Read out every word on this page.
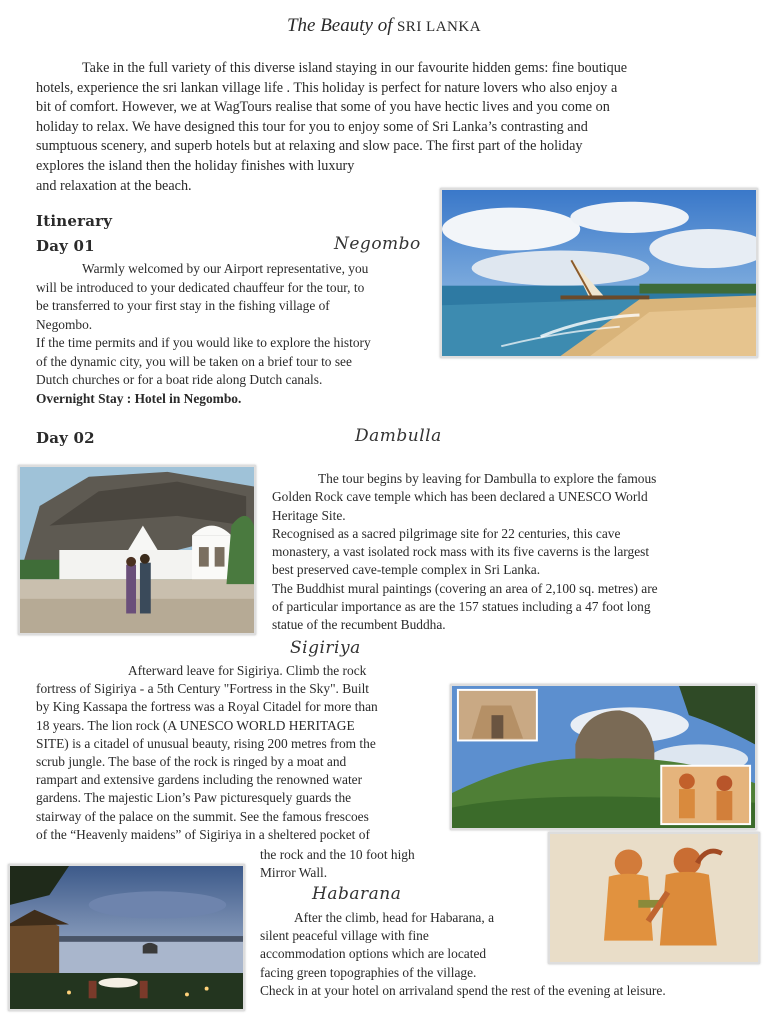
The Beauty of SRI LANKA
Take in the full variety of this diverse island staying in our favourite hidden gems: fine boutique
hotels, experience the sri lankan village life . This holiday is perfect for nature lovers who also enjoy a
bit of comfort. However, we at WagTours realise that some of you have hectic lives and you come on
holiday to relax. We have designed this tour for you to enjoy some of Sri Lanka’s contrasting and
sumptuous scenery, and superb hotels but at relaxing and slow pace. The first part of the holiday
explores the island then the holiday finishes with luxury
and relaxation at the beach.
Itinerary
Day 01	Negombo
Warmly welcomed by our Airport representative, you
will be introduced to your dedicated chauffeur for the tour, to
be transferred to your first stay in the fishing village of
Negombo.
If the time permits and if you would like to explore the history
of the dynamic city, you will be taken on a brief tour to see
Dutch churches or for a boat ride along Dutch canals.
Overnight Stay : Hotel in Negombo.
Day 02	Dambulla
The tour begins by leaving for Dambulla to explore the famous
Golden Rock cave temple which has been declared a UNESCO World
Heritage Site.
Recognised as a sacred pilgrimage site for 22 centuries, this cave
monastery, a vast isolated rock mass with its five caverns is the largest
best preserved cave-temple complex in Sri Lanka.
The Buddhist mural paintings (covering an area of 2,100 sq. metres) are
of particular importance as are the 157 statues including a 47 foot long
statue of the recumbent Buddha.
Sigiriya
Afterward leave for Sigiriya. Climb the rock
fortress of Sigiriya - a 5th Century "Fortress in the Sky". Built
by King Kassapa the fortress was a Royal Citadel for more than
18 years. The lion rock (A UNESCO WORLD HERITAGE
SITE) is a citadel of unusual beauty, rising 200 metres from the
scrub jungle. The base of the rock is ringed by a moat and
rampart and extensive gardens including the renowned water
gardens. The majestic Lion’s Paw picturesquely guards the
stairway of the palace on the summit. See the famous frescoes
of the “Heavenly maidens” of Sigiriya in a sheltered pocket of
the rock and the 10 foot high
Mirror Wall.
Habarana
After the climb, head for Habarana, a
silent peaceful village with fine
accommodation options which are located
facing green topographies of the village.
Check in at your hotel on arrivaland spend the rest of the evening at leisure.
